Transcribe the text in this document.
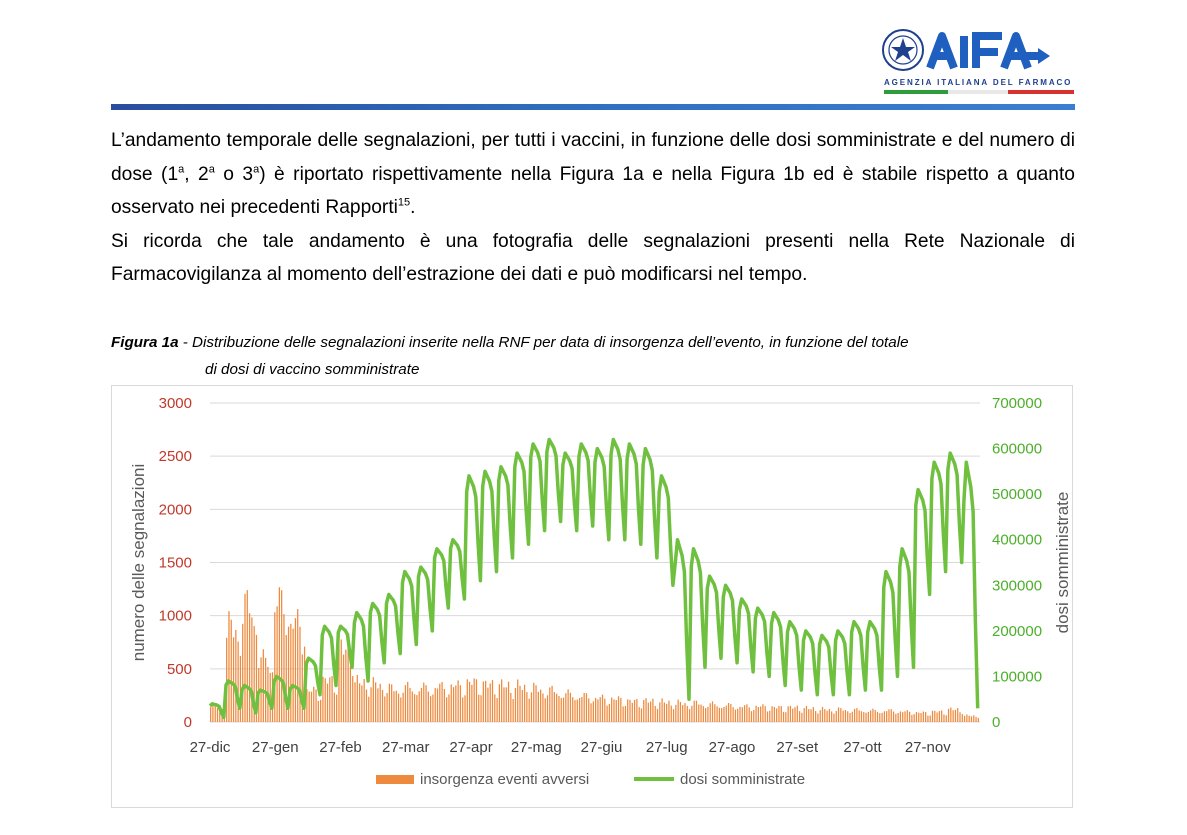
AGENZIA ITALIANA DEL FARMACO

L’andamento temporale delle segnalazioni, per tutti i vaccini, in funzione delle dosi somministrate e del numero di dose (1$^a$, 2$^a$ o 3$^a$) è riportato rispettivamente nella Figura 1a e nella Figura 1b ed è stabile rispetto a quanto osservato nei precedenti Rapporti$^{15}$.

Si ricorda che tale andamento è una fotografia delle segnalazioni presenti nella Rete Nazionale di Farmacovigilanza al momento dell’estrazione dei dati e può modificarsi nel tempo.

Figura 1a - Distribuzione delle segnalazioni inserite nella RNF per data di insorgenza dell’evento, in funzione del totale
di dosi di vaccino somministrate
3000
2500
2000
1500
1000
500
0
700000
600000
500000
400000
300000
200000
100000
0
27-dic 27-gen 27-feb 27-mar 27-apr 27-mag 27-giu 27-lug 27-ago 27-set 27-ott 27-nov
numero delle segnalazioni	dosi somministrate
insorgenza eventi avversi	dosi somministrate
